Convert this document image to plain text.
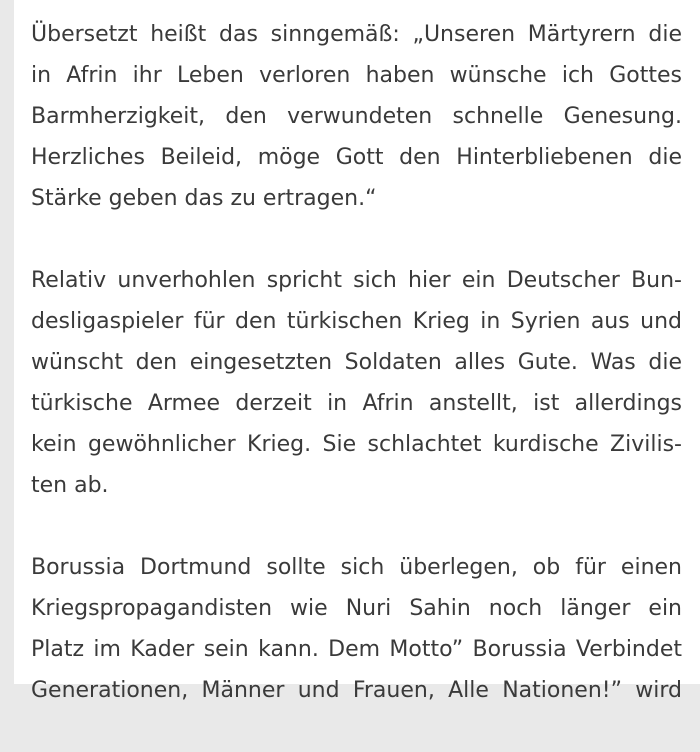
Übersetzt heißt das sinngemäß: „Unseren Märtyrern die
in Afrin ihr Leben verloren haben wünsche ich Gottes
Barmherzigkeit, den verwundeten schnelle Genesung.
Herzliches Beileid, möge Gott den Hinterbliebenen die
Stärke geben das zu ertragen.“

Relativ unverhohlen spricht sich hier ein Deutscher Bun-
desligaspieler für den türkischen Krieg in Syrien aus und
wünscht den eingesetzten Soldaten alles Gute. Was die
türkische Armee derzeit in Afrin anstellt, ist allerdings
kein gewöhnlicher Krieg. Sie schlachtet kurdische Zivilis-
ten ab.

Borussia Dortmund sollte sich überlegen, ob für einen
Kriegspropagandisten wie Nuri Sahin noch länger ein
Platz im Kader sein kann. Dem Motto” Borussia Verbindet
Generationen, Männer und Frauen, Alle Nationen!” wird
